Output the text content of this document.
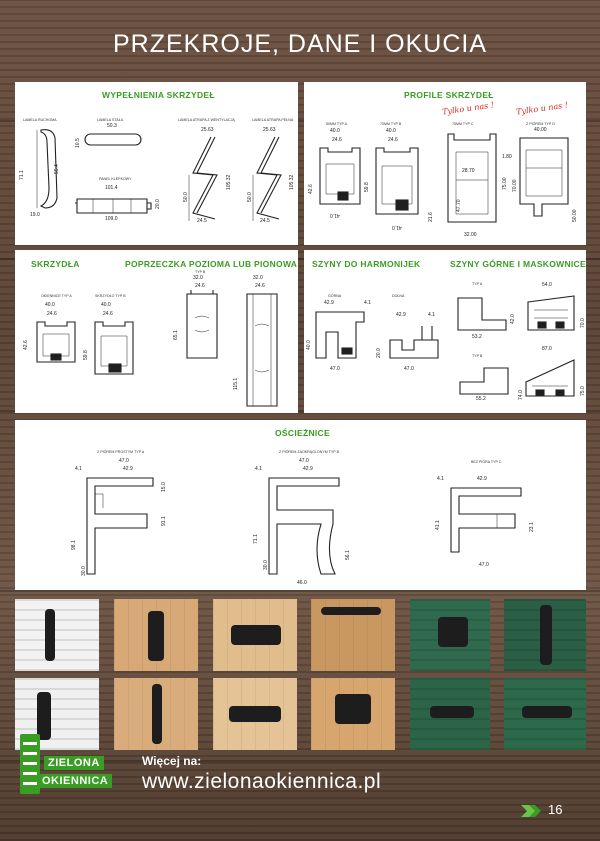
PRZEKROJE, DANE I OKUCIA
WYPEŁNIENIA SKRZYDEŁ
LAMELA RUCHOMA
71.1
55.4
19.0
LAMELA STAŁA
50.3
10.5
PANEL KLEPKOWY
101.4
109.0
20.0
LAMELA ATRAPA Z WENTYLACJĄ
25.63
50.0
105.32
24.5
LAMELA ATRAPA PEŁNA
25.63
50.0
105.32
24.5
PROFILE SKRZYDEŁ
Tylko u nas !	Tylko u nas !
50MM TYP A
40.0
24.6
42.6
41.0
70MM TYP B
40.0
24.6
59.8
21.6
41.0
75MM TYP C
28.70
47.70
75.00
32.00
Z PIÓREM TYP D
40.00
1.80
70.00
50.00
SKRZYDŁA	POPRZECZKA POZIOMA LUB PIONOWA
OKIENNICE TYP A
40.0
24.6
42.6
SKRZYDŁO TYP B
40.0
24.6
59.8
TYP B
32.0
24.6
65.1
32.0
24.6
115.1
SZYNY DO HARMONIJEK	SZYNY GÓRNE I MASKOWNICE
GÓRNA
42.9	4.1
40.0
47.0
DOLNA
42.9	4.1
20.0
47.0
TYP A
53.2
42.0
54.0
70.0
TYP B
55.2
87.0
74.0	75.0
OŚCIEŻNICE
Z PIÓREM PROSTYM TYP A
47.0
42.9
4.1
98.1
30.0
91.1
15.0
Z PIÓREM ZAOKRĄGLONYM TYP B
47.0
42.9
4.1
71.1
30.0
56.1
46.0
BEZ PIÓRA TYP C
42.9
4.1
41.1	23.1
47.0
ZIELONA
OKIENNICA
Więcej na:
www.zielonaokiennica.pl
16
